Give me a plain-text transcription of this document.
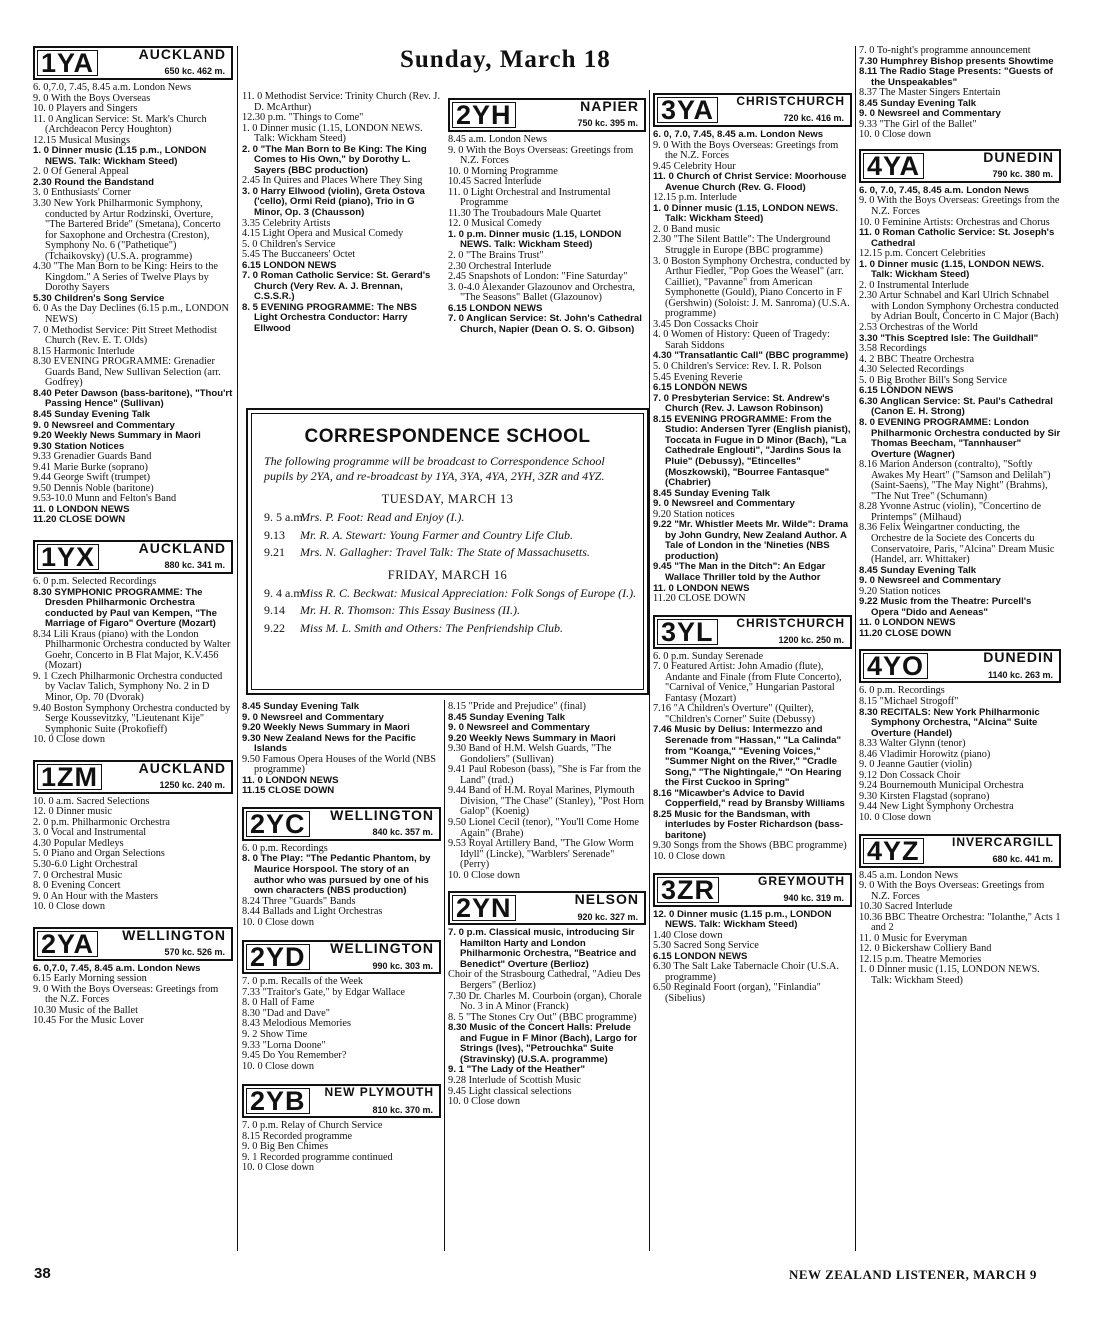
Sunday, March 18
1YA	AUCKLAND
650 kc. 462 m.

6. 0,7.0, 7.45, 8.45 a.m. London News

9. 0 With the Boys Overseas

10. 0 Players and Singers

11. 0 Anglican Service: St. Mark's Church (Archdeacon Percy Houghton)

12.15 Musical Musings

1. 0 Dinner music (1.15 p.m., LONDON NEWS. Talk: Wickham Steed)

2. 0 Of General Appeal

2.30 Round the Bandstand

3. 0 Enthusiasts' Corner

3.30 New York Philharmonic Symphony, conducted by Artur Rodzinski, Overture, "The Bartered Bride" (Smetana), Concerto for Saxophone and Orchestra (Creston), Symphony No. 6 ("Pathetique") (Tchaikovsky) (U.S.A. programme)

4.30 "The Man Born to be King: Heirs to the Kingdom." A Series of Twelve Plays by Dorothy Sayers

5.30 Children's Song Service

6. 0 As the Day Declines (6.15 p.m., LONDON NEWS)

7. 0 Methodist Service: Pitt Street Methodist Church (Rev. E. T. Olds)

8.15 Harmonic Interlude

8.30 EVENING PROGRAMME: Grenadier Guards Band, New Sullivan Selection (arr. Godfrey)

8.40 Peter Dawson (bass-baritone), "Thou'rt Passing Hence" (Sullivan)

8.45 Sunday Evening Talk

9. 0 Newsreel and Commentary

9.20 Weekly News Summary in Maori

9.30 Station Notices

9.33 Grenadier Guards Band

9.41 Marie Burke (soprano)

9.44 George Swift (trumpet)

9.50 Dennis Noble (baritone)

9.53-10.0 Munn and Felton's Band

11. 0 LONDON NEWS

11.20 CLOSE DOWN

1YX	AUCKLAND
880 kc. 341 m.

6. 0 p.m. Selected Recordings

8.30 SYMPHONIC PROGRAMME: The Dresden Philharmonic Orchestra conducted by Paul van Kempen, "The Marriage of Figaro" Overture (Mozart)

8.34 Lili Kraus (piano) with the London Philharmonic Orchestra conducted by Walter Goehr, Concerto in B Flat Major, K.V.456 (Mozart)

9. 1 Czech Philharmonic Orchestra conducted by Vaclav Talich, Symphony No. 2 in D Minor, Op. 70 (Dvorak)

9.40 Boston Symphony Orchestra conducted by Serge Koussevitzky, "Lieutenant Kije" Symphonic Suite (Prokofieff)

10. 0 Close down

1ZM	AUCKLAND
1250 kc. 240 m.

10. 0 a.m. Sacred Selections

12. 0 Dinner music

2. 0 p.m. Philharmonic Orchestra

3. 0 Vocal and Instrumental

4.30 Popular Medleys

5. 0 Piano and Organ Selections

5.30-6.0 Light Orchestral

7. 0 Orchestral Music

8. 0 Evening Concert

9. 0 An Hour with the Masters

10. 0 Close down

2YA WELLINGTON
570 kc. 526 m.

6. 0,7.0, 7.45, 8.45 a.m. London News

6.15 Early Morning session

9. 0 With the Boys Overseas: Greetings from the N.Z. Forces

10.30 Music of the Ballet

10.45 For the Music Lover

11. 0 Methodist Service: Trinity Church (Rev. J. D. McArthur)

12.30 p.m. "Things to Come"

1. 0 Dinner music (1.15, LONDON NEWS. Talk: Wickham Steed)

2. 0 "The Man Born to Be King: The King Comes to His Own," by Dorothy L. Sayers (BBC production)

2.45 In Quires and Places Where They Sing

3. 0 Harry Ellwood (violin), Greta Ostova ('cello), Ormi Reid (piano), Trio in G Minor, Op. 3 (Chausson)

3.35 Celebrity Artists

4.15 Light Opera and Musical Comedy

5. 0 Children's Service

5.45 The Buccaneers' Octet

6.15 LONDON NEWS

7. 0 Roman Catholic Service: St. Gerard's Church (Very Rev. A. J. Brennan, C.S.S.R.)

8. 5 EVENING PROGRAMME: The NBS Light Orchestra Conductor: Harry Ellwood

2YH	NAPIER
750 kc. 395 m.

8.45 a.m. London News

9. 0 With the Boys Overseas: Greetings from N.Z. Forces

10. 0 Morning Programme

10.45 Sacred Interlude

11. 0 Light Orchestral and Instrumental Programme

11.30 The Troubadours Male Quartet

12. 0 Musical Comedy

1. 0 p.m. Dinner music (1.15, LONDON NEWS. Talk: Wickham Steed)

2. 0 "The Brains Trust"

2.30 Orchestral Interlude

2.45 Snapshots of London: "Fine Saturday"

3. 0-4.0 Alexander Glazounov and Orchestra, "The Seasons" Ballet (Glazounov)

6.15 LONDON NEWS

7. 0 Anglican Service: St. John's Cathedral Church, Napier (Dean O. S. O. Gibson)

CORRESPONDENCE SCHOOL
The following programme will be broadcast to Correspondence School pupils by 2YA, and re-broadcast by 1YA, 3YA, 4YA, 2YH, 3ZR and 4YZ.
TUESDAY, MARCH 13
9. 5 a.m.
Mrs. P. Foot: Read and Enjoy (I.).
9.13 Mr. R. A. Stewart: Young Farmer and Country Life Club.
9.21 Mrs. N. Gallagher: Travel Talk: The State of Massachusetts.
FRIDAY, MARCH 16
9. 4 a.m.
Miss R. C. Beckwat: Musical Appreciation: Folk Songs of Europe (I.).
9.14 Mr. H. R. Thomson: This Essay Business (II.).
9.22 Miss M. L. Smith and Others: The Penfriendship Club.

8.45 Sunday Evening Talk

9. 0 Newsreel and Commentary

9.20 Weekly News Summary in Maori

9.30 New Zealand News for the Pacific Islands

9.50 Famous Opera Houses of the World (NBS programme)

11. 0 LONDON NEWS

11.15 CLOSE DOWN

2YC WELLINGTON
840 kc. 357 m.

6. 0 p.m. Recordings

8. 0 The Play: "The Pedantic Phantom, by Maurice Horspool. The story of an author who was pursued by one of his own characters (NBS production)

8.24 Three "Guards" Bands

8.44 Ballads and Light Orchestras

10. 0 Close down

2YD WELLINGTON
990 kc. 303 m.

7. 0 p.m. Recalls of the Week

7.33 "Traitor's Gate," by Edgar Wallace

8. 0 Hall of Fame

8.30 "Dad and Dave"

8.43 Melodious Memories

9. 2 Show Time

9.33 "Lorna Doone"

9.45 Do You Remember?

10. 0 Close down

2YB	NEW PLYMOUTH
810 kc. 370 m.

7. 0 p.m. Relay of Church Service

8.15 Recorded programme

9. 0 Big Ben Chimes

9. 1 Recorded programme continued

10. 0 Close down

8.15 "Pride and Prejudice" (final)

8.45 Sunday Evening Talk

9. 0 Newsreel and Commentary

9.20 Weekly News Summary in Maori

9.30 Band of H.M. Welsh Guards, "The Gondoliers" (Sullivan)

9.41 Paul Robeson (bass), "She is Far from the Land" (trad.)

9.44 Band of H.M. Royal Marines, Plymouth Division, "The Chase" (Stanley), "Post Horn Galop" (Koenig)

9.50 Lionel Cecil (tenor), "You'll Come Home Again" (Brahe)

9.53 Royal Artillery Band, "The Glow Worm Idyll" (Lincke), "Warblers' Serenade" (Perry)

10. 0 Close down

2YN	NELSON
920 kc. 327 m.

7. 0 p.m. Classical music, introducing Sir Hamilton Harty and London Philharmonic Orchestra, "Beatrice and Benedict" Overture (Berlioz)

Choir of the Strasbourg Cathedral, "Adieu Des Bergers" (Berlioz)

7.30 Dr. Charles M. Courboin (organ), Chorale No. 3 in A Minor (Franck)

8. 5 "The Stones Cry Out" (BBC programme)

8.30 Music of the Concert Halls: Prelude and Fugue in F Minor (Bach), Largo for Strings (Ives), "Petrouchka" Suite (Stravinsky) (U.S.A. programme)

9. 1 "The Lady of the Heather"

9.28 Interlude of Scottish Music

9.45 Light classical selections

10. 0 Close down

3YA	CHRISTCHURCH
720 kc. 416 m.

6. 0, 7.0, 7.45, 8.45 a.m. London News

9. 0 With the Boys Overseas: Greetings from the N.Z. Forces

9.45 Celebrity Hour

11. 0 Church of Christ Service: Moorhouse Avenue Church (Rev. G. Flood)

12.15 p.m. Interlude

1. 0 Dinner music (1.15, LONDON NEWS. Talk: Wickham Steed)

2. 0 Band music

2.30 "The Silent Battle": The Underground Struggle in Europe (BBC programme)

3. 0 Boston Symphony Orchestra, conducted by Arthur Fiedler, "Pop Goes the Weasel" (arr. Cailliet), "Pavanne" from American Symphonette (Gould), Piano Concerto in F (Gershwin) (Soloist: J. M. Sanroma) (U.S.A. programme)

3.45 Don Cossacks Choir

4. 0 Women of History: Queen of Tragedy: Sarah Siddons

4.30 "Transatlantic Call" (BBC programme)

5. 0 Children's Service: Rev. I. R. Polson

5.45 Evening Reverie

6.15 LONDON NEWS

7. 0 Presbyterian Service: St. Andrew's Church (Rev. J. Lawson Robinson)

8.15 EVENING PROGRAMME: From the Studio: Andersen Tyrer (English pianist), Toccata in Fugue in D Minor (Bach), "La Cathedrale Englouti", "Jardins Sous la Pluie" (Debussy), "Etincelles" (Moszkowski), "Bourree Fantasque" (Chabrier)

8.45 Sunday Evening Talk

9. 0 Newsreel and Commentary

9.20 Station notices

9.22 "Mr. Whistler Meets Mr. Wilde": Drama by John Gundry, New Zealand Author. A Tale of London in the 'Nineties (NBS production)

9.45 "The Man in the Ditch": An Edgar Wallace Thriller told by the Author

11. 0 LONDON NEWS

11.20 CLOSE DOWN

3YL	CHRISTCHURCH
1200 kc. 250 m.

6. 0 p.m. Sunday Serenade

7. 0 Featured Artist: John Amadio (flute), Andante and Finale (from Flute Concerto), "Carnival of Venice," Hungarian Pastoral Fantasy (Mozart)

7.16 "A Children's Overture" (Quilter), "Children's Corner" Suite (Debussy)

7.46 Music by Delius: Intermezzo and Serenade from "Hassan," "La Calinda" from "Koanga," "Evening Voices," "Summer Night on the River," "Cradle Song," "The Nightingale," "On Hearing the First Cuckoo in Spring"

8.16 "Micawber's Advice to David Copperfield," read by Bransby Williams

8.25 Music for the Bandsman, with interludes by Foster Richardson (bass-baritone)

9.30 Songs from the Shows (BBC programme)

10. 0 Close down

3ZR	GREYMOUTH
940 kc. 319 m.

12. 0 Dinner music (1.15 p.m., LONDON NEWS. Talk: Wickham Steed)

1.40 Close down

5.30 Sacred Song Service

6.15 LONDON NEWS

6.30 The Salt Lake Tabernacle Choir (U.S.A. programme)

6.50 Reginald Foort (organ), "Finlandia" (Sibelius)

7. 0 To-night's programme announcement

7.30 Humphrey Bishop presents Showtime

8.11 The Radio Stage Presents: "Guests of the Unspeakables"

8.37 The Master Singers Entertain

8.45 Sunday Evening Talk

9. 0 Newsreel and Commentary

9.33 "The Girl of the Ballet"

10. 0 Close down

4YA	DUNEDIN
790 kc. 380 m.

6. 0, 7.0, 7.45, 8.45 a.m. London News

9. 0 With the Boys Overseas: Greetings from the N.Z. Forces

10. 0 Feminine Artists: Orchestras and Chorus

11. 0 Roman Catholic Service: St. Joseph's Cathedral

12.15 p.m. Concert Celebrities

1. 0 Dinner music (1.15, LONDON NEWS. Talk: Wickham Steed)

2. 0 Instrumental Interlude

2.30 Artur Schnabel and Karl Ulrich Schnabel with London Symphony Orchestra conducted by Adrian Boult, Concerto in C Major (Bach)

2.53 Orchestras of the World

3.30 "This Sceptred Isle: The Guildhall"

3.58 Recordings

4. 2 BBC Theatre Orchestra

4.30 Selected Recordings

5. 0 Big Brother Bill's Song Service

6.15 LONDON NEWS

6.30 Anglican Service: St. Paul's Cathedral (Canon E. H. Strong)

8. 0 EVENING PROGRAMME: London Philharmonic Orchestra conducted by Sir Thomas Beecham, "Tannhauser" Overture (Wagner)

8.16 Marion Anderson (contralto), "Softly Awakes My Heart" ("Samson and Delilah") (Saint-Saens), "The May Night" (Brahms), "The Nut Tree" (Schumann)

8.28 Yvonne Astruc (violin), "Concertino de Printemps" (Milhaud)

8.36 Felix Weingartner conducting, the Orchestre de la Societe des Concerts du Conservatoire, Paris, "Alcina" Dream Music (Handel, arr. Whittaker)

8.45 Sunday Evening Talk

9. 0 Newsreel and Commentary

9.20 Station notices

9.22 Music from the Theatre: Purcell's Opera "Dido and Aeneas"

11. 0 LONDON NEWS

11.20 CLOSE DOWN

4YO	DUNEDIN
1140 kc. 263 m.

6. 0 p.m. Recordings

8.15 "Michael Strogoff"

8.30 RECITALS: New York Philharmonic Symphony Orchestra, "Alcina" Suite Overture (Handel)

8.33 Walter Glynn (tenor)

8.46 Vladimir Horowitz (piano)

9. 0 Jeanne Gautier (violin)

9.12 Don Cossack Choir

9.24 Bournemouth Municipal Orchestra

9.30 Kirsten Flagstad (soprano)

9.44 New Light Symphony Orchestra

10. 0 Close down

4YZ	INVERCARGILL
680 kc. 441 m.

8.45 a.m. London News

9. 0 With the Boys Overseas: Greetings from N.Z. Forces

10.30 Sacred Interlude

10.36 BBC Theatre Orchestra: "Iolanthe," Acts 1 and 2

11. 0 Music for Everyman

12. 0 Bickershaw Colliery Band

12.15 p.m. Theatre Memories

1. 0 Dinner music (1.15, LONDON NEWS. Talk: Wickham Steed)

38	NEW ZEALAND LISTENER, MARCH 9
